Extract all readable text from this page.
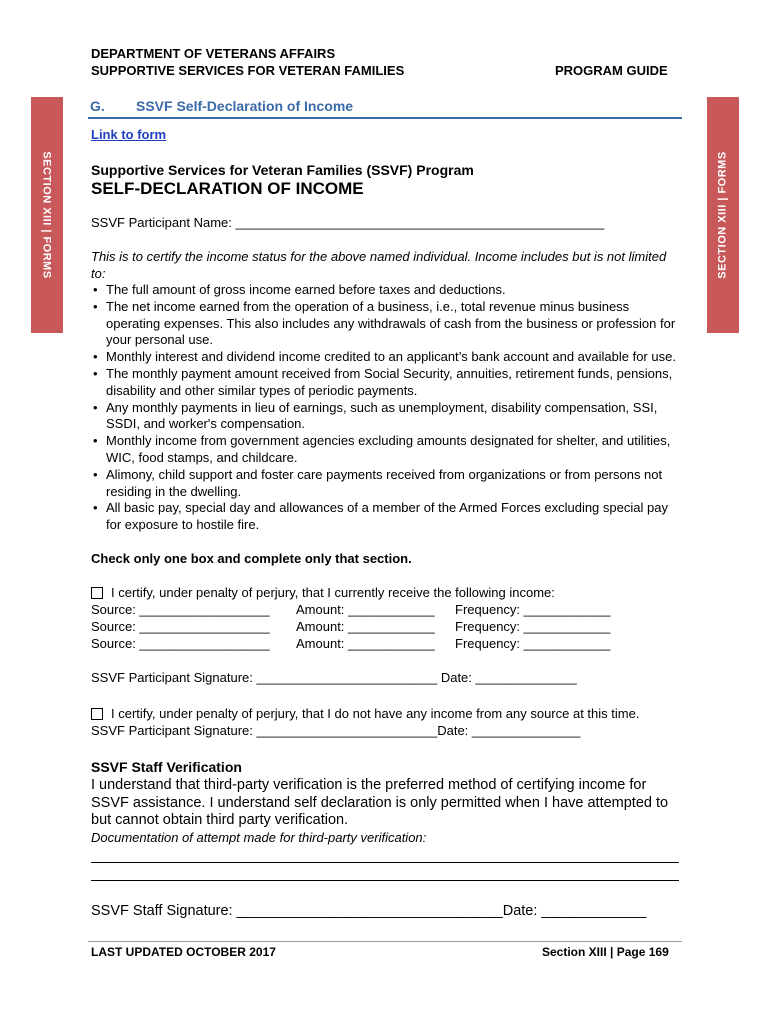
DEPARTMENT OF VETERANS AFFAIRS
SUPPORTIVE SERVICES FOR VETERAN FAMILIES	PROGRAM GUIDE
SECTION XIII | FORMS	SECTION XIII | FORMS
G. SSVF Self-Declaration of Income
Link to form
Supportive Services for Veteran Families (SSVF) Program
SELF-DECLARATION OF INCOME
SSVF Participant Name: ___________________________________________________
This is to certify the income status for the above named individual. Income includes but is not limited to:
• The full amount of gross income earned before taxes and deductions.
• The net income earned from the operation of a business, i.e., total revenue minus business operating expenses. This also includes any withdrawals of cash from the business or profession for your personal use.
• Monthly interest and dividend income credited to an applicant’s bank account and available for use.
• The monthly payment amount received from Social Security, annuities, retirement funds, pensions, disability and other similar types of periodic payments.
• Any monthly payments in lieu of earnings, such as unemployment, disability compensation, SSI, SSDI, and worker's compensation.
• Monthly income from government agencies excluding amounts designated for shelter, and utilities, WIC, food stamps, and childcare.
• Alimony, child support and foster care payments received from organizations or from persons not residing in the dwelling.
• All basic pay, special day and allowances of a member of the Armed Forces excluding special pay for exposure to hostile fire.
Check only one box and complete only that section.
I certify, under penalty of perjury, that I currently receive the following income:
Source: __________________ Amount: ____________ Frequency: ____________
Source: __________________ Amount: ____________ Frequency: ____________
Source: __________________ Amount: ____________ Frequency: ____________
SSVF Participant Signature: _________________________ Date: ______________
I certify, under penalty of perjury, that I do not have any income from any source at this time.
SSVF Participant Signature: _________________________Date: _______________
SSVF Staff Verification
I understand that third-party verification is the preferred method of certifying income for SSVF assistance. I understand self declaration is only permitted when I have attempted to but cannot obtain third party verification.
Documentation of attempt made for third-party verification:
SSVF Staff Signature: _________________________________Date: _____________
LAST UPDATED OCTOBER 2017	Section XIII | Page 169
